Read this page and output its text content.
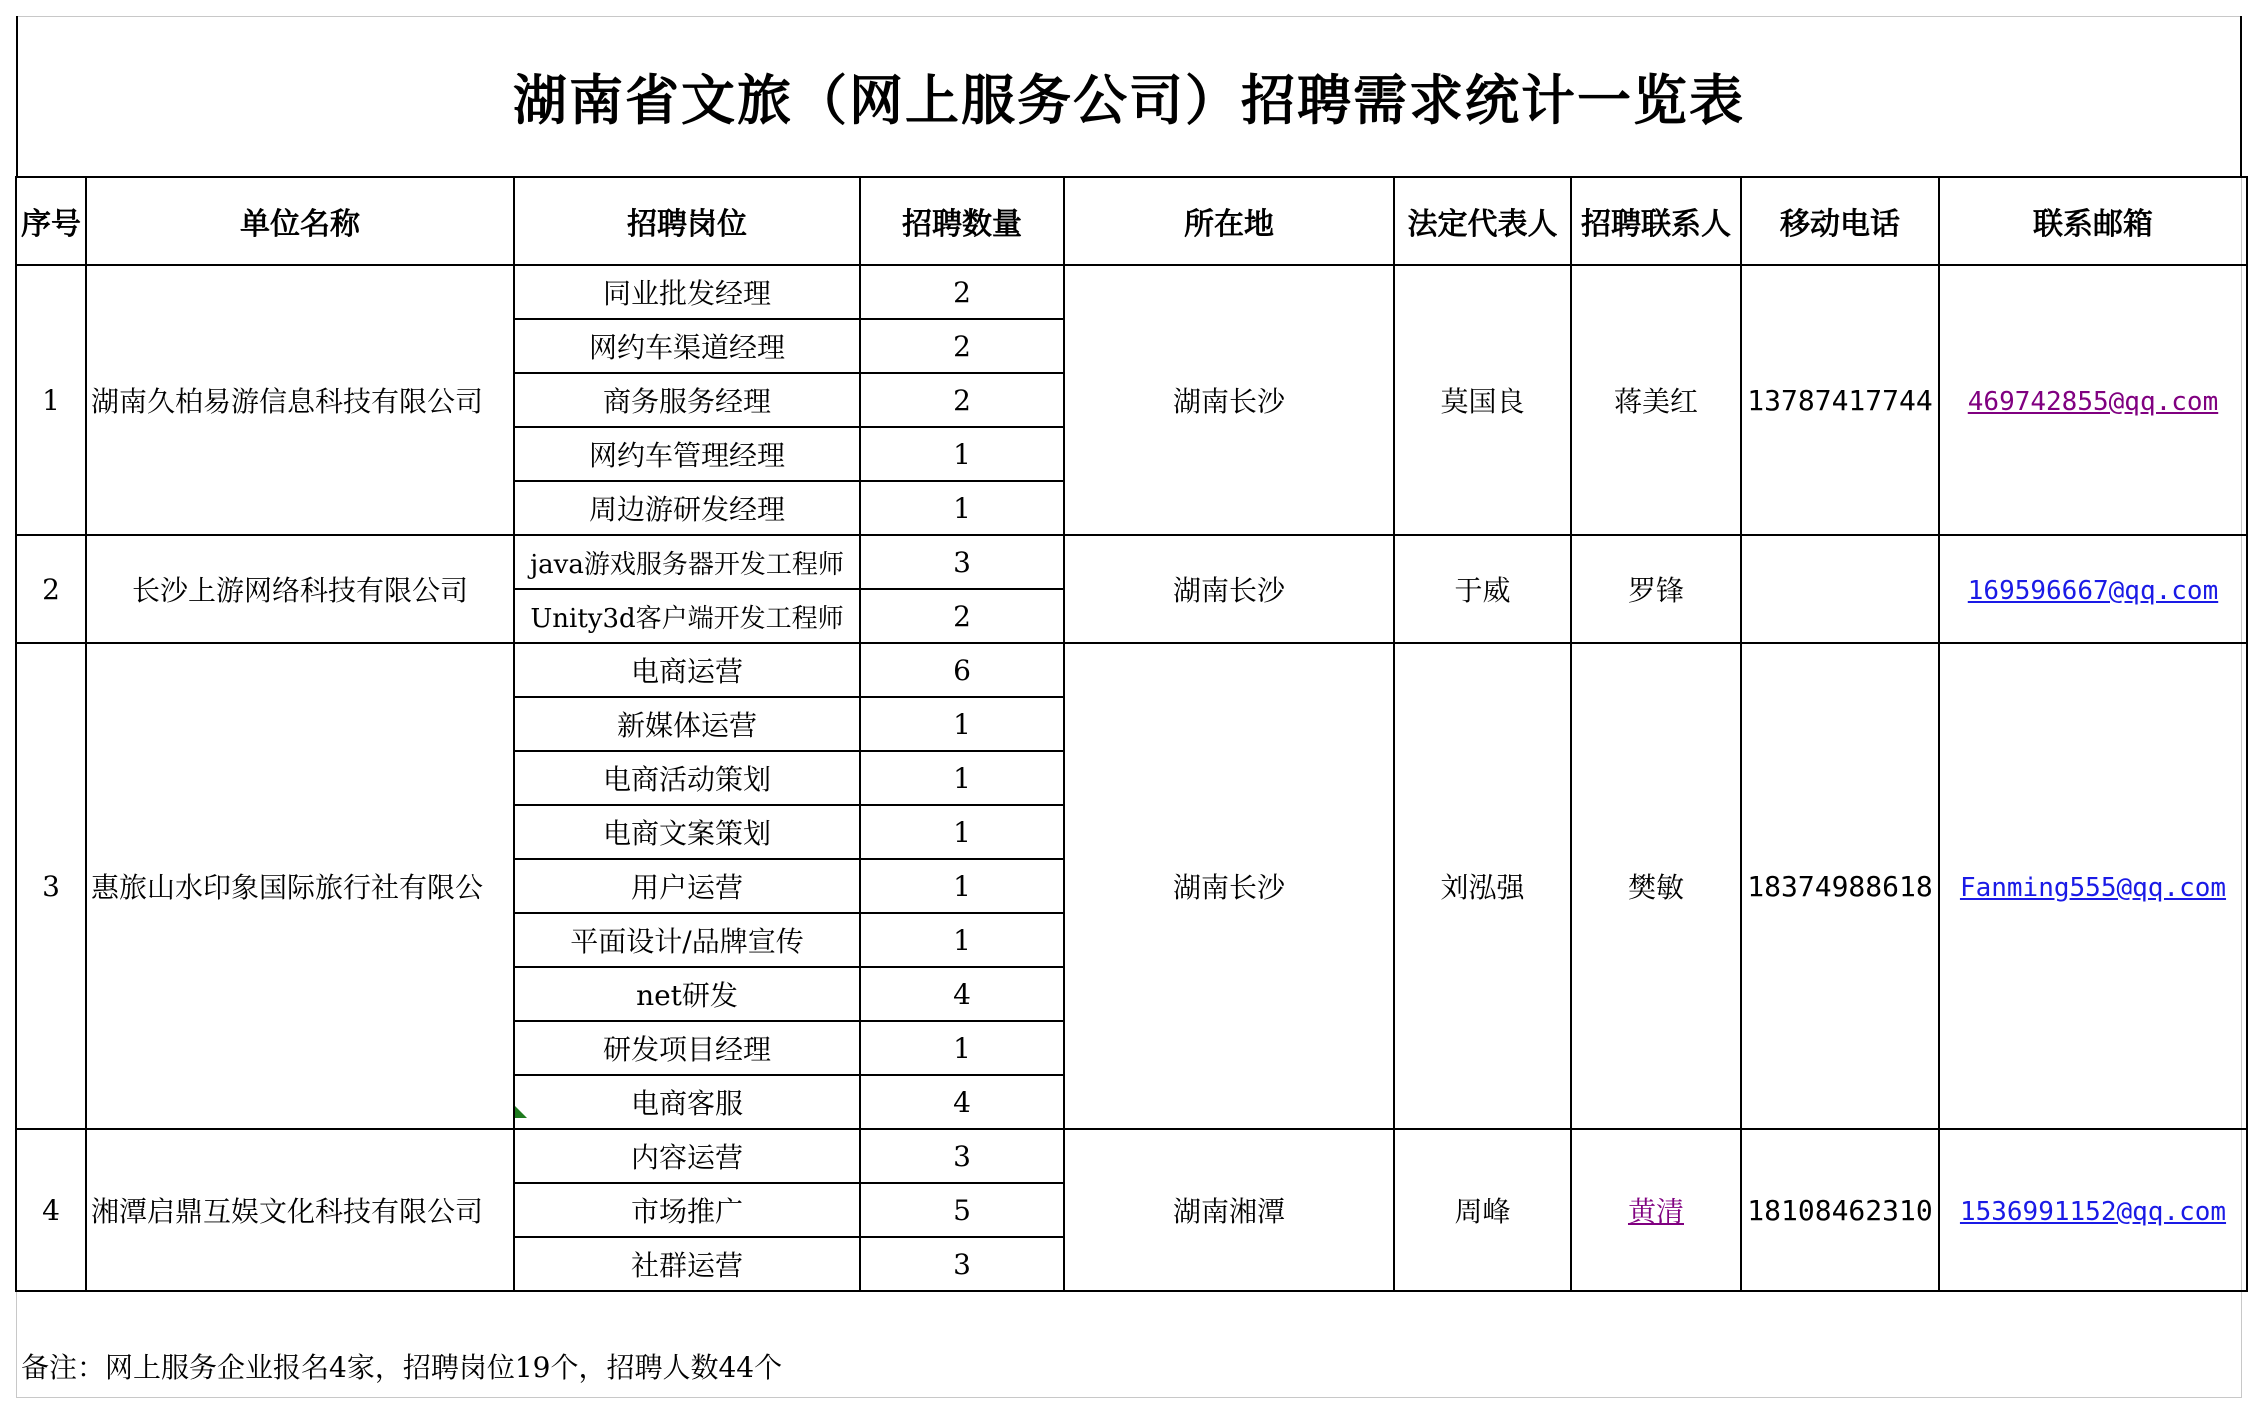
湖南省文旅（网上服务公司）招聘需求统计一览表
序号	单位名称	招聘岗位	招聘数量	所在地	法定代表人	招聘联系人	移动电话	联系邮箱
1	湖南久柏易游信息科技有限公司	同业批发经理	2	湖南长沙	莫国良	蒋美红	13787417744	469742855@qq.com
		网约车渠道经理	2					
		商务服务经理	2					
		网约车管理经理	1					
		周边游研发经理	1					
2	长沙上游网络科技有限公司	java游戏服务器开发工程师	3	湖南长沙	于威	罗锋		169596667@qq.com
		Unity3d客户端开发工程师	2					
3	惠旅山水印象国际旅行社有限公	电商运营	6	湖南长沙	刘泓强	樊敏	18374988618	Fanming555@qq.com
		新媒体运营	1					
		电商活动策划	1					
		电商文案策划	1					
		用户运营	1					
		平面设计/品牌宣传	1					
		net研发	4					
		研发项目经理	1					
		电商客服	4					
4	湘潭启鼎互娱文化科技有限公司	内容运营	3	湖南湘潭	周峰	黄清	18108462310	1536991152@qq.com
		市场推广	5					
		社群运营	3					
备注：网上服务企业报名4家，招聘岗位19个，招聘人数44个
